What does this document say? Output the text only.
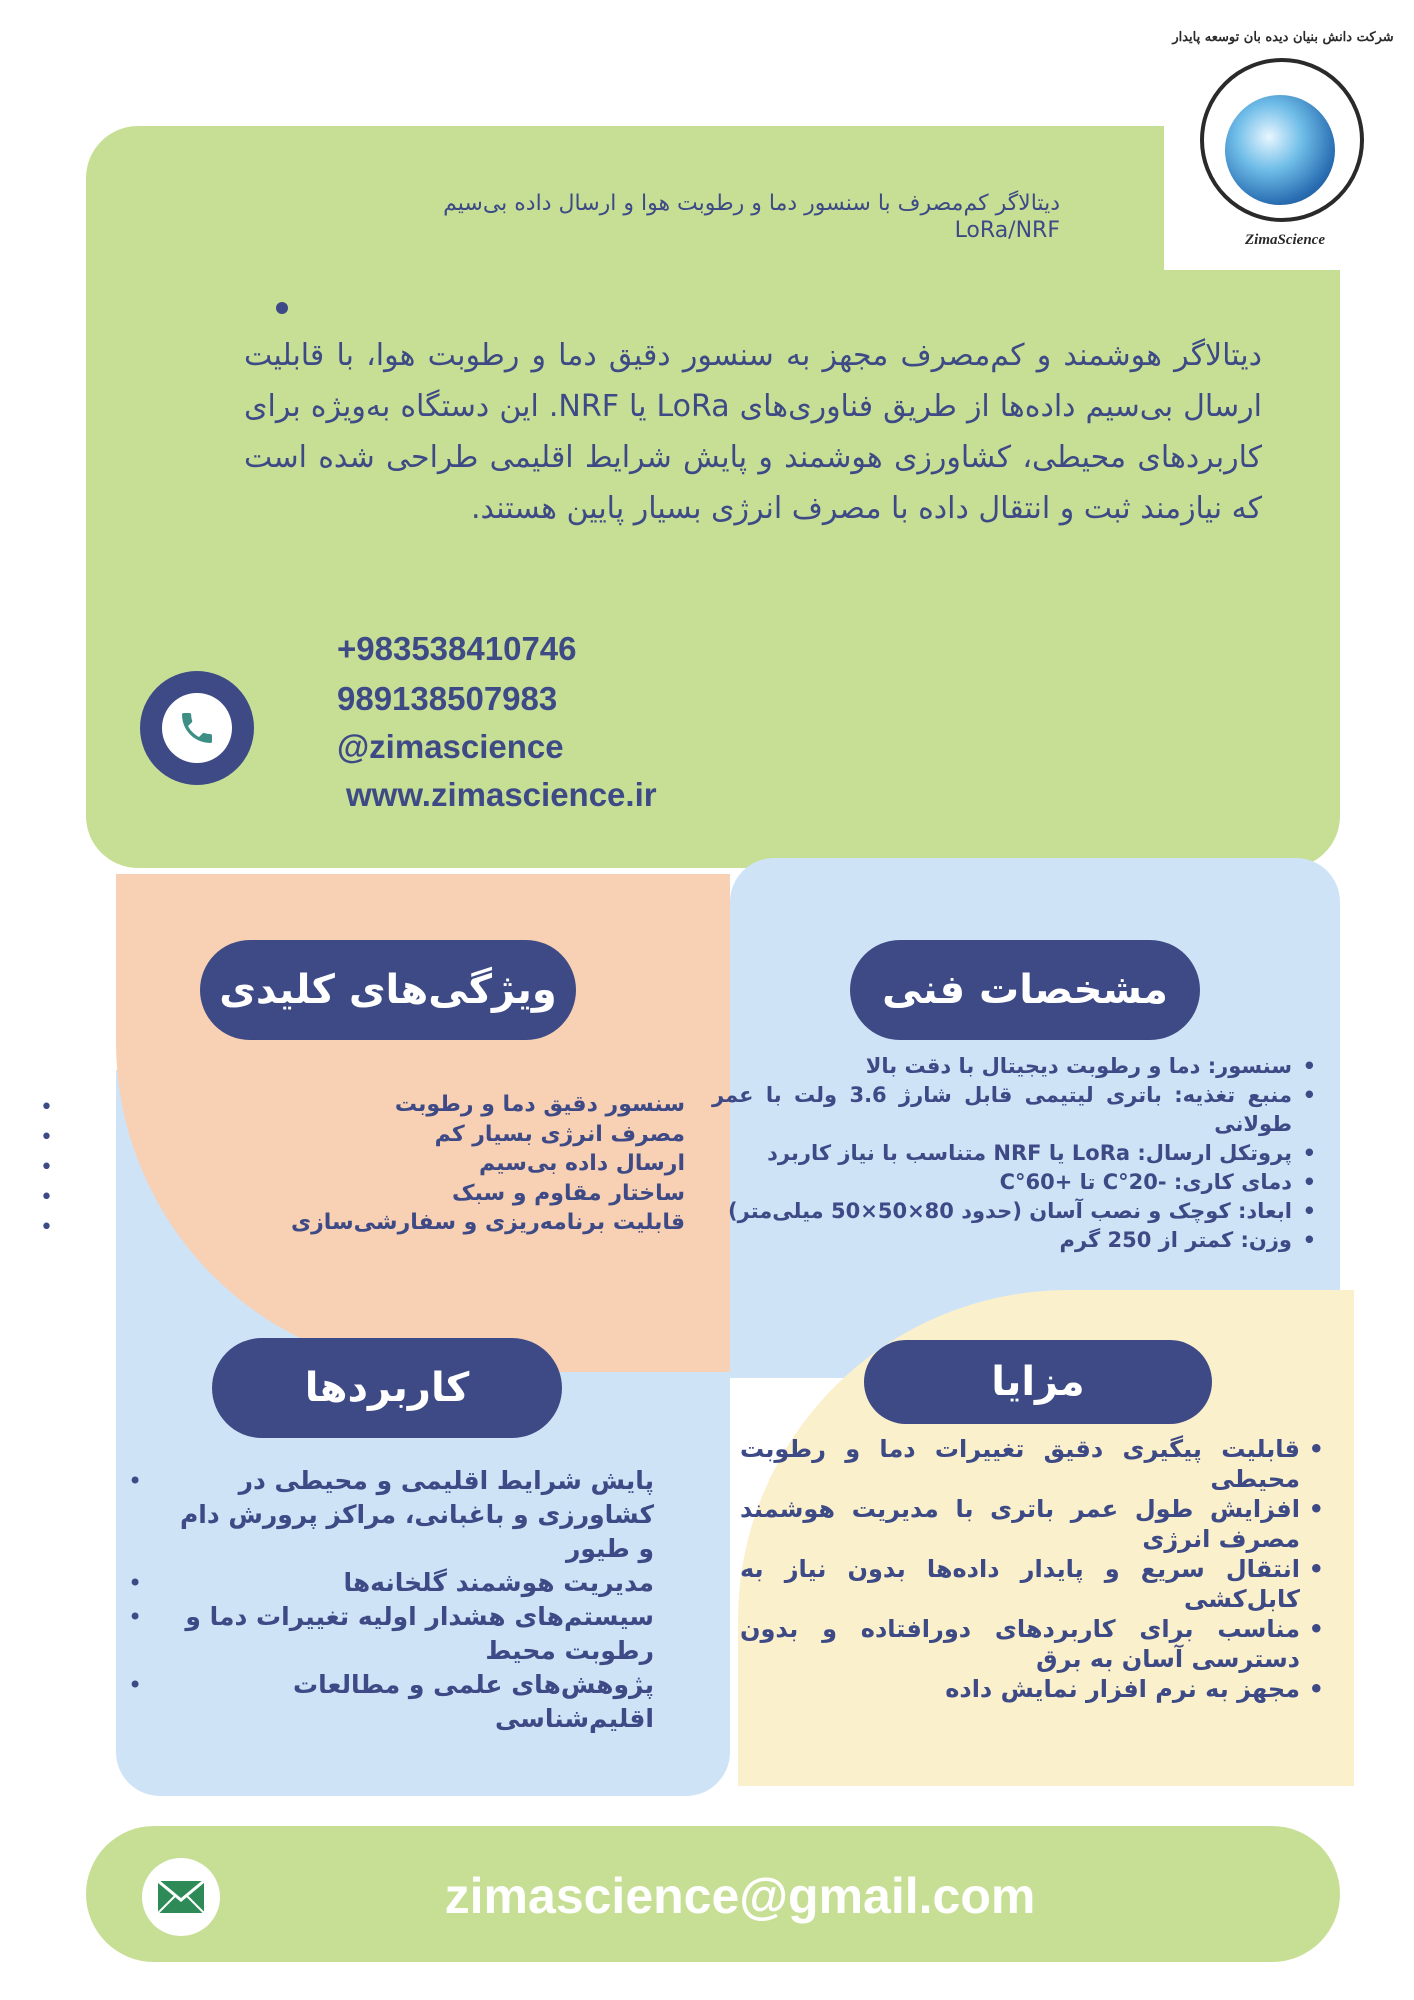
شرکت دانش بنیان دیده بان توسعه پایدار
ZimaScience
دیتالاگر کم‌مصرف با سنسور دما و رطوبت هوا و ارسال داده بی‌سیم LoRa/NRF
دیتالاگر هوشمند و کم‌مصرف مجهز به سنسور دقیق دما و رطوبت هوا، با قابلیت ارسال بی‌سیم داده‌ها از طریق فناوری‌های LoRa یا NRF. این دستگاه به‌ویژه برای کاربردهای محیطی، کشاورزی هوشمند و پایش شرایط اقلیمی طراحی شده است که نیازمند ثبت و انتقال داده با مصرف انرژی بسیار پایین هستند.
+983538410746
989138507983
@zimascience
www.zimascience.ir
ویژگی‌های کلیدی
سنسور دقیق دما و رطوبت
مصرف انرژی بسیار کم
ارسال داده بی‌سیم
ساختار مقاوم و سبک
قابلیت برنامه‌ریزی و سفارشی‌سازی
•
•
•
•
•
مشخصات فنی
• سنسور: دما و رطوبت دیجیتال با دقت بالا
• منبع تغذیه: باتری لیتیمی قابل شارژ 3.6 ولت با عمر طولانی
• پروتکل ارسال: LoRa یا NRF متناسب با نیاز کاربرد
• دمای کاری: -20°C تا +60°C
• ابعاد: کوچک و نصب آسان (حدود 80×50×50 میلی‌متر)
• وزن: کمتر از 250 گرم
کاربردها
• پایش شرایط اقلیمی و محیطی در کشاورزی و باغبانی، مراکز پرورش دام و طیور
• مدیریت هوشمند گلخانه‌ها
• سیستم‌های هشدار اولیه تغییرات دما و رطوبت محیط
• پژوهش‌های علمی و مطالعات اقلیم‌شناسی
•
•
•
•
مزایا
• قابلیت پیگیری دقیق تغییرات دما و رطوبت محیطی
• افزایش طول عمر باتری با مدیریت هوشمند مصرف انرژی
• انتقال سریع و پایدار داده‌ها بدون نیاز به کابل‌کشی
• مناسب برای کاربردهای دورافتاده و بدون دسترسی آسان به برق
• مجهز به نرم افزار نمایش داده
zimascience@gmail.com
